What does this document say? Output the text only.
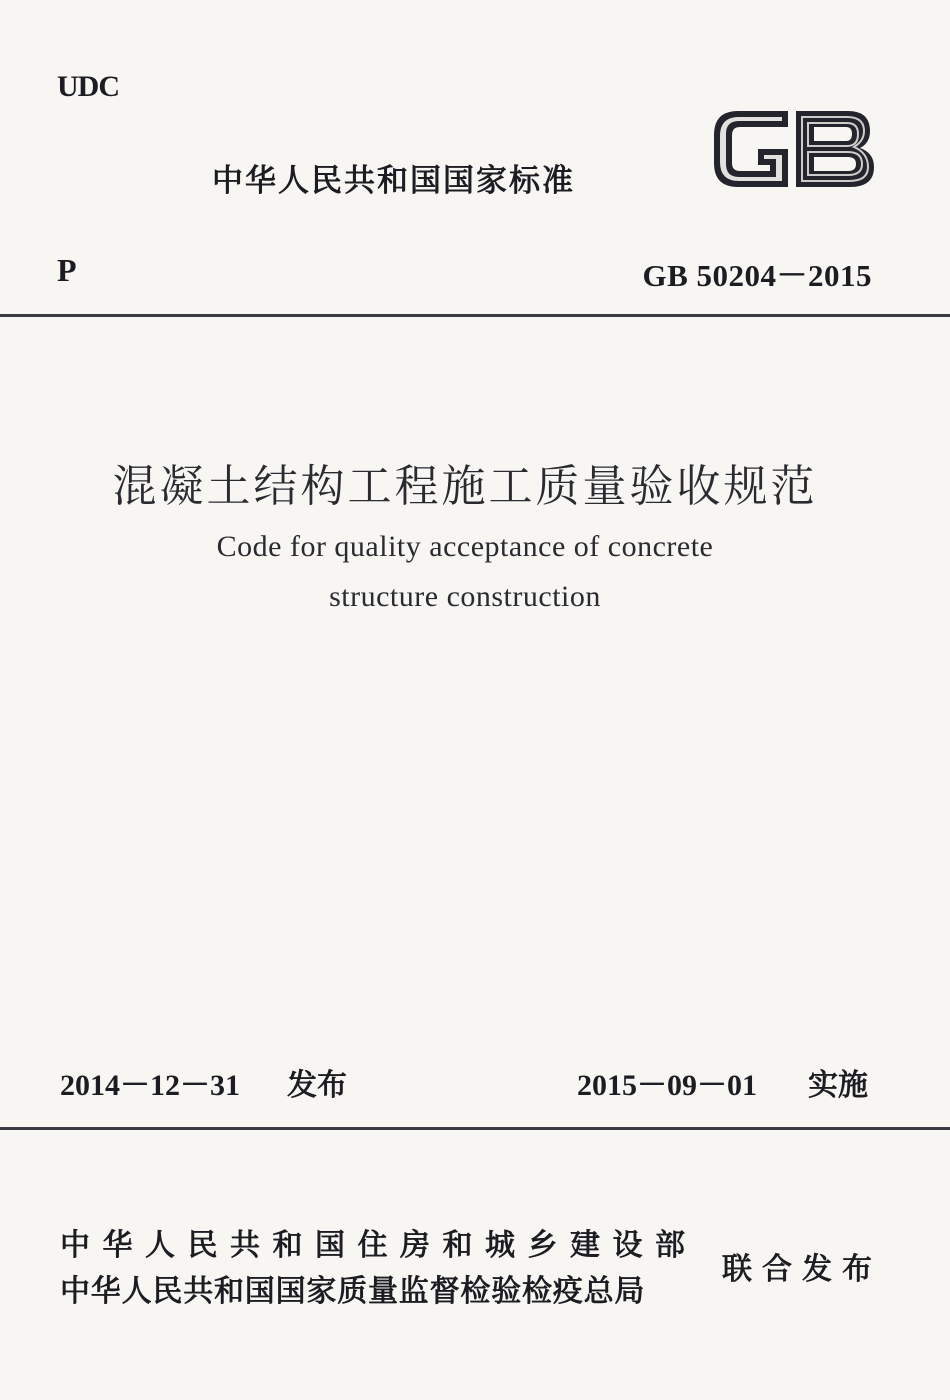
UDC
中华人民共和国国家标准
P	GB 50204－2015
混凝土结构工程施工质量验收规范
Code for quality acceptance of concrete
structure construction
2014－12－31 发布	2015－09－01 实施
中华人民共和国住房和城乡建设部
中华人民共和国国家质量监督检验检疫总局
联合发布
